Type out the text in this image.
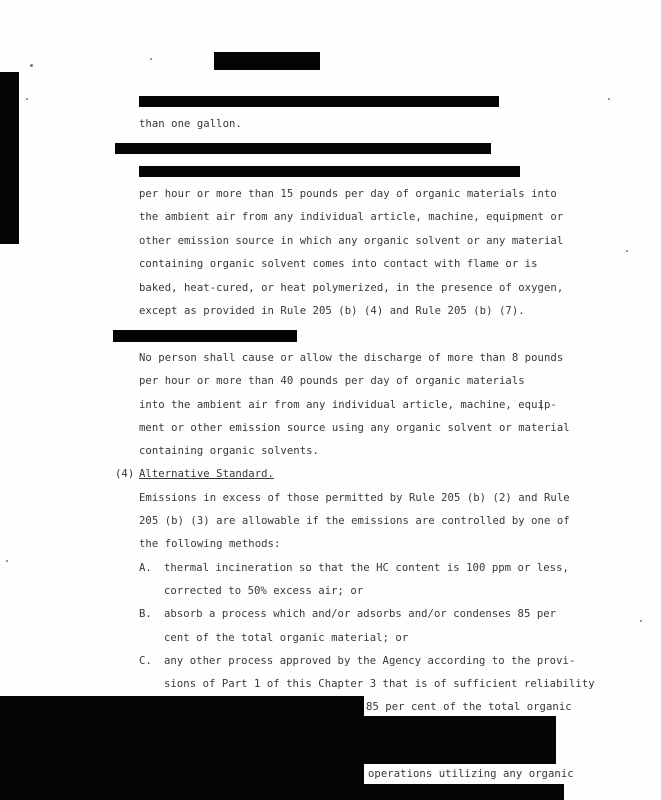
than one gallon.
per hour or more than 15 pounds per day of organic materials into
the ambient air from any individual article, machine, equipment or
other emission source in which any organic solvent or any material
containing organic solvent comes into contact with flame or is
baked, heat-cured, or heat polymerized, in the presence of oxygen,
except as provided in Rule 205 (b) (4) and Rule 205 (b) (7).
No person shall cause or allow the discharge of more than 8 pounds
per hour or more than 40 pounds per day of organic materials
into the ambient air from any individual article, machine, equip-
ment or other emission source using any organic solvent or material
containing organic solvents.
(4) Alternative Standard.
Emissions in excess of those permitted by Rule 205 (b) (2) and Rule
205 (b) (3) are allowable if the emissions are controlled by one of
the following methods:
A. thermal incineration so that the HC content is 100 ppm or less,
corrected to 50% excess air; or
B. absorb a process which and/or adsorbs and/or condenses 85 per
cent of the total organic material; or
C. any other process approved by the Agency according to the provi-
sions of Part 1 of this Chapter 3 that is of sufficient reliability
85 per cent of the total organic
operations utilizing any organic
